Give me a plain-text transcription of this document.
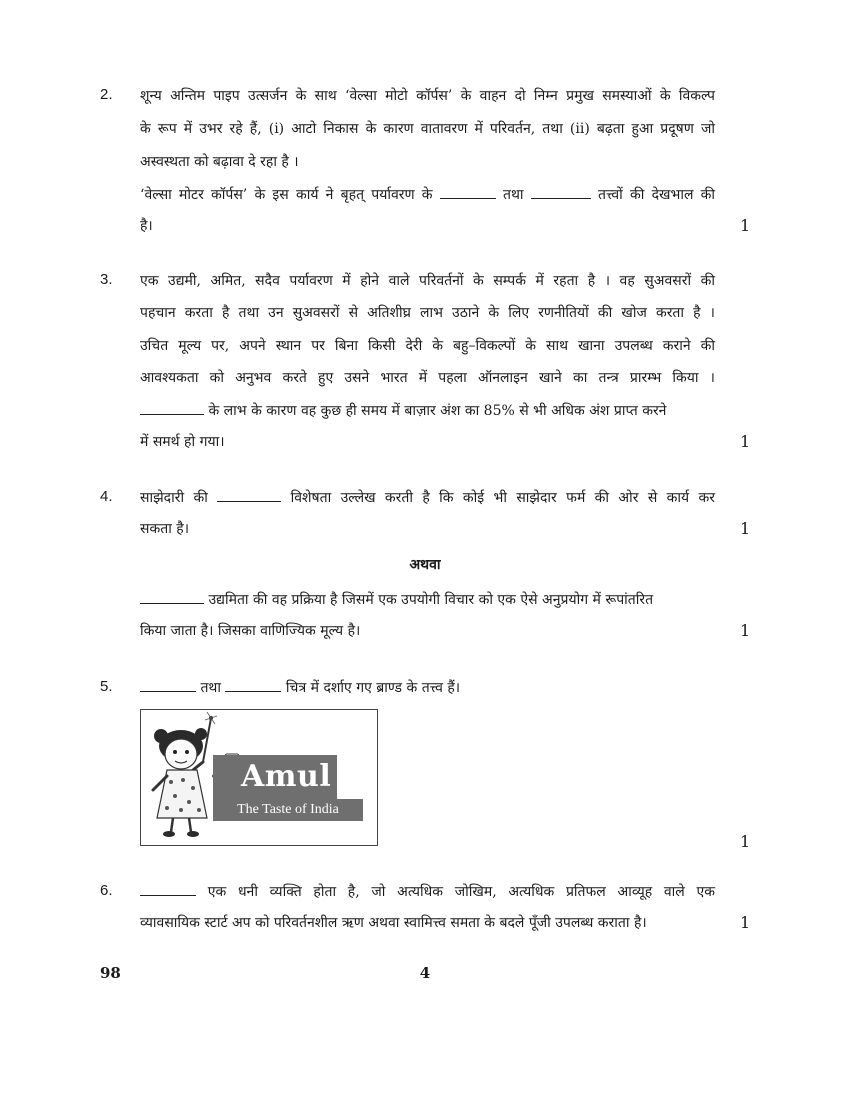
2. शून्य अन्तिम पाइप उत्सर्जन के साथ ‘वेल्सा मोटो कॉर्पस’ के वाहन दो निम्न प्रमुख समस्याओं के विकल्प
के रूप में उभर रहे हैं, (i) आटो निकास के कारण वातावरण में परिवर्तन, तथा (ii) बढ़ता हुआ प्रदूषण जो
अस्वस्थता को बढ़ावा दे रहा है ।
‘वेल्सा मोटर कॉर्पस’ के इस कार्य ने बृहत् पर्यावरण के	तथा	तत्त्वों की देखभाल की
है।	1
3. एक उद्यमी, अमित, सदैव पर्यावरण में होने वाले परिवर्तनों के सम्पर्क में रहता है । वह सुअवसरों की
पहचान करता है तथा उन सुअवसरों से अतिशीघ्र लाभ उठाने के लिए रणनीतियों की खोज करता है ।
उचित मूल्य पर, अपने स्थान पर बिना किसी देरी के बहु–विकल्पों के साथ खाना उपलब्ध कराने की
आवश्यकता को अनुभव करते हुए उसने भारत में पहला ऑनलाइन खाने का तन्त्र प्रारम्भ किया ।
के लाभ के कारण वह कुछ ही समय में बाज़ार अंश का 85% से भी अधिक अंश प्राप्त करने
में समर्थ हो गया।	1
4. साझेदारी की	विशेषता उल्लेख करती है कि कोई भी साझेदार फर्म की ओर से कार्य कर
सकता है।	1
अथवा
उद्यमिता की वह प्रक्रिया है जिसमें एक उपयोगी विचार को एक ऐसे अनुप्रयोग में रूपांतरित
किया जाता है। जिसका वाणिज्यिक मूल्य है।	1
5.	तथा	चित्र में दर्शाए गए ब्राण्ड के तत्त्व हैं।
Amul
The Taste of India
1
6.	एक धनी व्यक्ति होता है, जो अत्यधिक जोखिम, अत्यधिक प्रतिफल आव्यूह वाले एक
व्यावसायिक स्टार्ट अप को परिवर्तनशील ऋण अथवा स्वामित्त्व समता के बदले पूँजी उपलब्ध कराता है।	1
98	4
